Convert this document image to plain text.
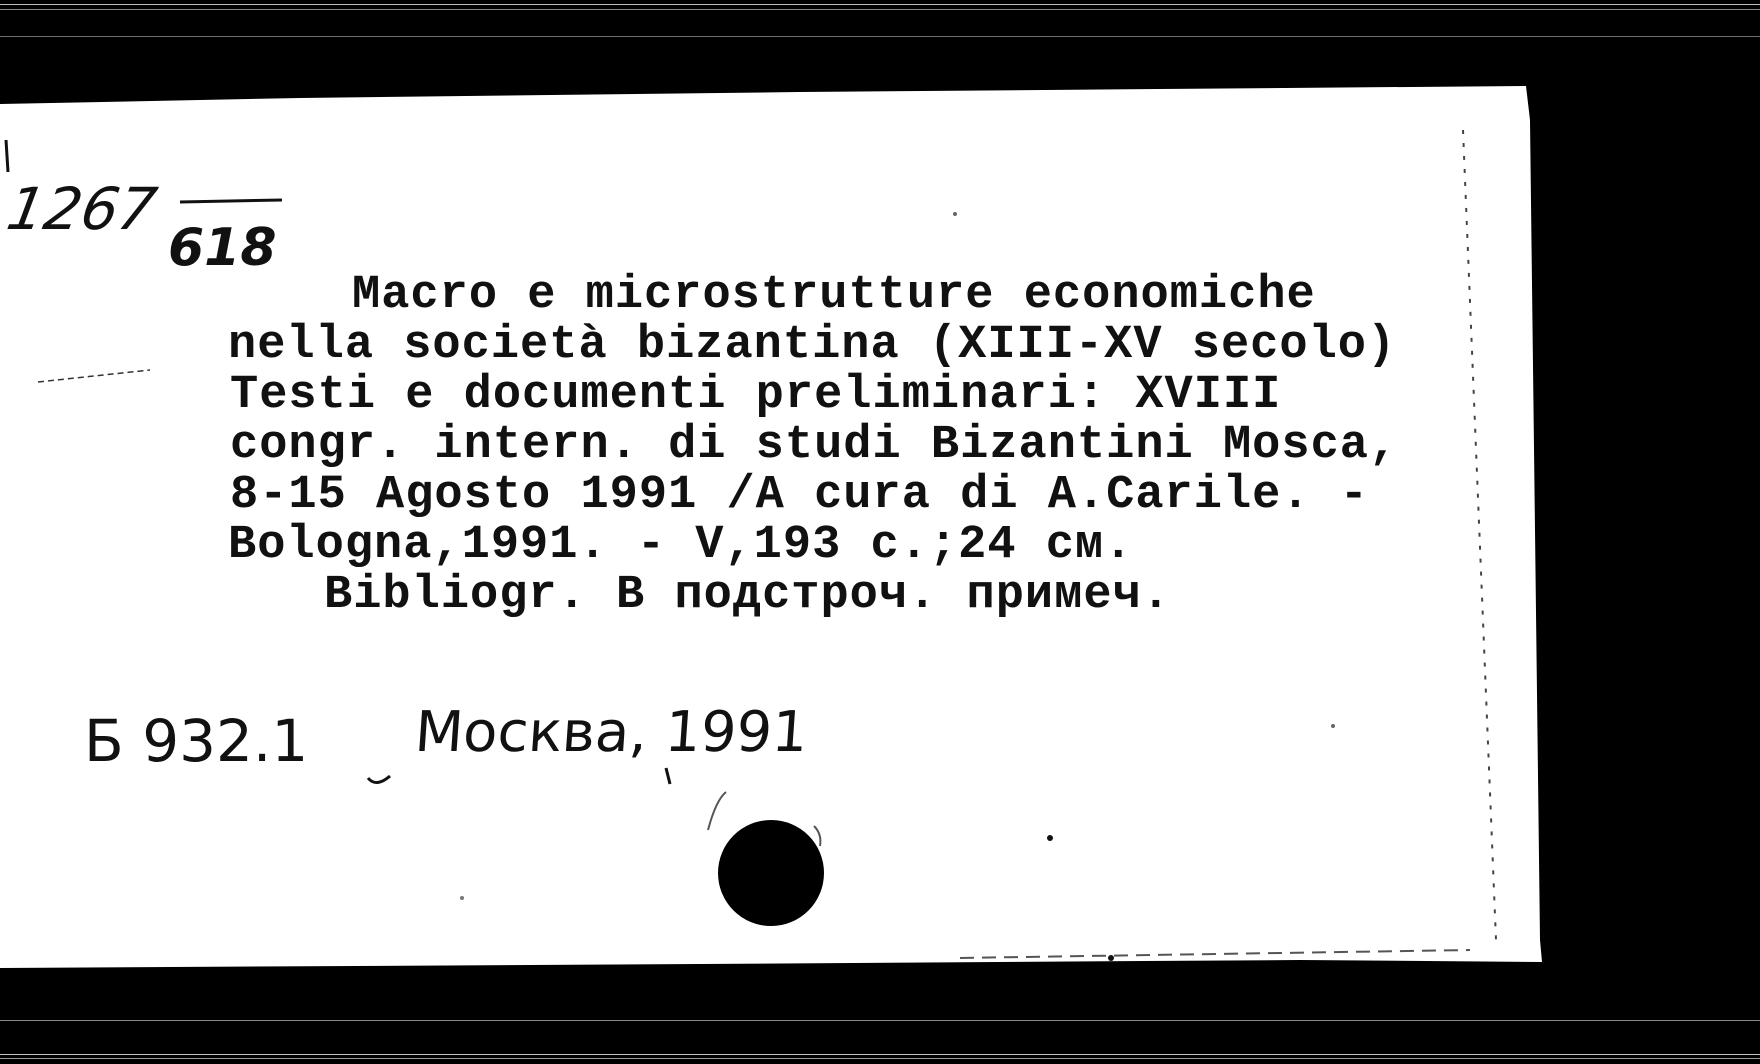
1267
618
Macro e microstrutture economiche
nella società bizantina (XIII-XV secolo)
Testi e documenti preliminari: XVIII
congr. intern. di studi Bizantini Mosca,
8-15 Agosto 1991 /A cura di A.Carile. -
Bologna,1991. - V,193 c.;24 см.
Bibliogr. В подстроч. примеч.
Б 932.1 Москва, 1991
